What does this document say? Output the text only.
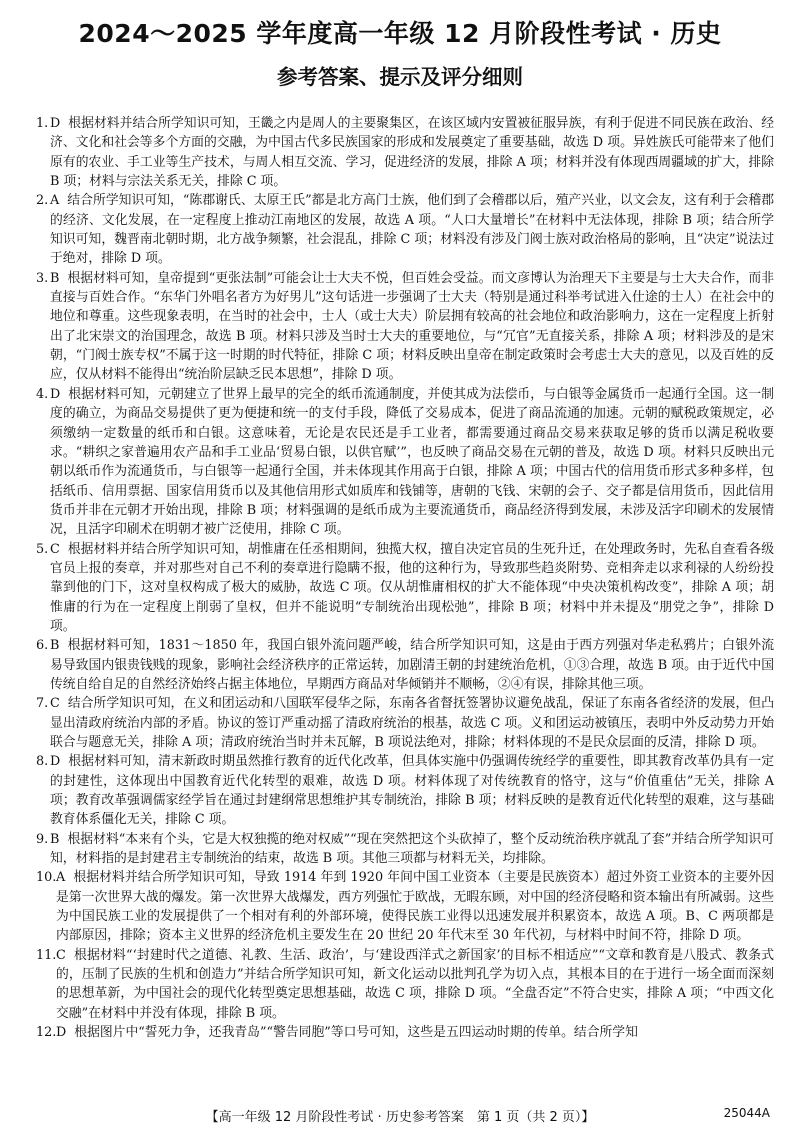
2024～2025 学年度高一年级 12 月阶段性考试 · 历史
参考答案、提示及评分细则
1. D 根据材料并结合所学知识可知，王畿之内是周人的主要聚集区，在该区域内安置被征服异族，有利于促进不同民族在政治、经济、文化和社会等多个方面的交融，为中国古代多民族国家的形成和发展奠定了重要基础，故选 D 项。异姓族氏可能带来了他们原有的农业、手工业等生产技术，与周人相互交流、学习，促进经济的发展，排除 A 项；材料并没有体现西周疆域的扩大，排除 B 项；材料与宗法关系无关，排除 C 项。
2. A 结合所学知识可知，“陈郡谢氏、太原王氏”都是北方高门士族，他们到了会稽郡以后，殖产兴业，以文会友，这有利于会稽郡的经济、文化发展，在一定程度上推动江南地区的发展，故选 A 项。“人口大量增长”在材料中无法体现，排除 B 项；结合所学知识可知，魏晋南北朝时期，北方战争频繁，社会混乱，排除 C 项；材料没有涉及门阀士族对政治格局的影响，且“决定”说法过于绝对，排除 D 项。
3. B 根据材料可知，皇帝提到“更张法制”可能会让士大夫不悦，但百姓会受益。而文彦博认为治理天下主要是与士大夫合作，而非直接与百姓合作。“东华门外唱名者方为好男儿”这句话进一步强调了士大夫（特别是通过科举考试进入仕途的士人）在社会中的地位和尊重。这些现象表明，在当时的社会中，士人（或士大夫）阶层拥有较高的社会地位和政治影响力，这在一定程度上折射出了北宋崇文的治国理念，故选 B 项。材料只涉及当时士大夫的重要地位，与“冗官”无直接关系，排除 A 项；材料涉及的是宋朝，“门阀士族专权”不属于这一时期的时代特征，排除 C 项；材料反映出皇帝在制定政策时会考虑士大夫的意见，以及百姓的反应，仅从材料不能得出“统治阶层缺乏民本思想”，排除 D 项。
4. D 根据材料可知，元朝建立了世界上最早的完全的纸币流通制度，并使其成为法偿币，与白银等金属货币一起通行全国。这一制度的确立，为商品交易提供了更为便捷和统一的支付手段，降低了交易成本，促进了商品流通的加速。元朝的赋税政策规定，必须缴纳一定数量的纸币和白银。这意味着，无论是农民还是手工业者，都需要通过商品交易来获取足够的货币以满足税收要求。“耕织之家普遍用农产品和手工业品‘贸易白银，以供官赋’”，也反映了商品交易在元朝的普及，故选 D 项。材料只反映出元朝以纸币作为流通货币，与白银等一起通行全国，并未体现其作用高于白银，排除 A 项；中国古代的信用货币形式多种多样，包括纸币、信用票据、国家信用货币以及其他信用形式如质库和钱铺等，唐朝的飞钱、宋朝的会子、交子都是信用货币，因此信用货币并非在元朝才开始出现，排除 B 项；材料强调的是纸币成为主要流通货币，商品经济得到发展，未涉及活字印刷术的发展情况，且活字印刷术在明朝才被广泛使用，排除 C 项。
5. C 根据材料并结合所学知识可知，胡惟庸在任丞相期间，独揽大权，擅自决定官员的生死升迁，在处理政务时，先私自查看各级官员上报的奏章，并对那些对自己不利的奏章进行隐瞒不报，他的这种行为，导致那些趋炎附势、竞相奔走以求利禄的人纷纷投靠到他的门下，这对皇权构成了极大的威胁，故选 C 项。仅从胡惟庸相权的扩大不能体现“中央决策机构改变”，排除 A 项；胡惟庸的行为在一定程度上削弱了皇权，但并不能说明“专制统治出现松弛”，排除 B 项；材料中并未提及“朋党之争”，排除 D 项。
6. B 根据材料可知，1831～1850 年，我国白银外流问题严峻，结合所学知识可知，这是由于西方列强对华走私鸦片；白银外流易导致国内银贵钱贱的现象，影响社会经济秩序的正常运转，加剧清王朝的封建统治危机，①③合理，故选 B 项。由于近代中国传统自给自足的自然经济始终占据主体地位，早期西方商品对华倾销并不顺畅，②④有误，排除其他三项。
7. C 结合所学知识可知，在义和团运动和八国联军侵华之际，东南各省督抚签署协议避免战乱，保证了东南各省经济的发展，但凸显出清政府统治内部的矛盾。协议的签订严重动摇了清政府统治的根基，故选 C 项。义和团运动被镇压，表明中外反动势力开始联合与题意无关，排除 A 项；清政府统治当时并未瓦解，B 项说法绝对，排除；材料体现的不是民众层面的反清，排除 D 项。
8. D 根据材料可知，清末新政时期虽然推行教育的近代化改革，但具体实施中仍强调传统经学的重要性，即其教育改革仍具有一定的封建性，这体现出中国教育近代化转型的艰难，故选 D 项。材料体现了对传统教育的恪守，这与“价值重估”无关，排除 A 项；教育改革强调儒家经学旨在通过封建纲常思想维护其专制统治，排除 B 项；材料反映的是教育近代化转型的艰难，这与基础教育体系僵化无关，排除 C 项。
9. B 根据材料“本来有个头，它是大权独揽的绝对权威”“现在突然把这个头砍掉了，整个反动统治秩序就乱了套”并结合所学知识可知，材料指的是封建君主专制统治的结束，故选 B 项。其他三项都与材料无关，均排除。
10. A 根据材料并结合所学知识可知，导致 1914 年到 1920 年间中国工业资本（主要是民族资本）超过外资工业资本的主要外因是第一次世界大战的爆发。第一次世界大战爆发，西方列强忙于欧战，无暇东顾，对中国的经济侵略和资本输出有所减弱。这些为中国民族工业的发展提供了一个相对有利的外部环境，使得民族工业得以迅速发展并积累资本，故选 A 项。B、C 两项都是内部原因，排除；资本主义世界的经济危机主要发生在 20 世纪 20 年代末至 30 年代初，与材料中时间不符，排除 D 项。
11. C 根据材料“‘封建时代之道德、礼教、生活、政治’，与‘建设西洋式之新国家’的目标不相适应”“文章和教育是八股式、教条式的，压制了民族的生机和创造力”并结合所学知识可知，新文化运动以批判孔学为切入点，其根本目的在于进行一场全面而深刻的思想革新，为中国社会的现代化转型奠定思想基础，故选 C 项，排除 D 项。“全盘否定”不符合史实，排除 A 项；“中西文化交融”在材料中并没有体现，排除 B 项。
12. D 根据图片中“誓死力争，还我青岛”“警告同胞”等口号可知，这些是五四运动时期的传单。结合所学知
【高一年级 12 月阶段性考试 · 历史参考答案　第 1 页（共 2 页）】	25044A
